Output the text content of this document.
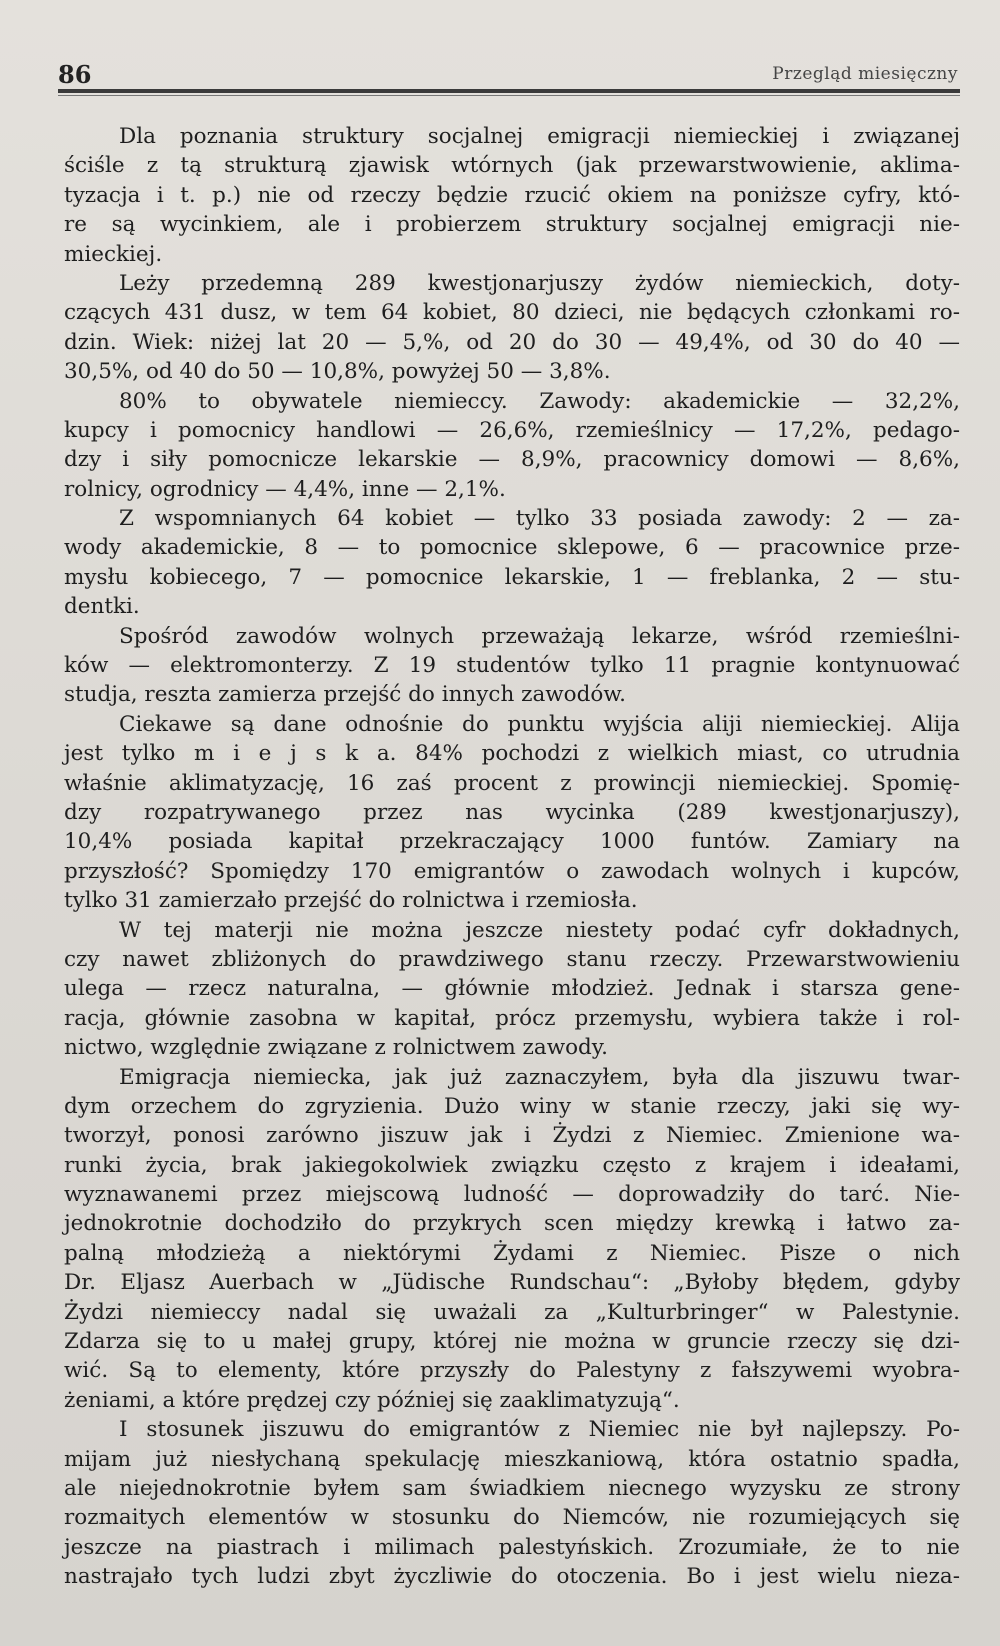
86	Przegląd miesięczny
Dla poznania struktury socjalnej emigracji niemieckiej i związanej
ściśle z tą strukturą zjawisk wtórnych (jak przewarstwowienie, aklima-
tyzacja i t. p.) nie od rzeczy będzie rzucić okiem na poniższe cyfry, któ-
re są wycinkiem, ale i probierzem struktury socjalnej emigracji nie-
mieckiej.
Leży przedemną 289 kwestjonarjuszy żydów niemieckich, doty-
czących 431 dusz, w tem 64 kobiet, 80 dzieci, nie będących członkami ro-
dzin. Wiek: niżej lat 20 — 5,%, od 20 do 30 — 49,4%, od 30 do 40 —
30,5%, od 40 do 50 — 10,8%, powyżej 50 — 3,8%.
80% to obywatele niemieccy. Zawody: akademickie — 32,2%,
kupcy i pomocnicy handlowi — 26,6%, rzemieślnicy — 17,2%, pedago-
dzy i siły pomocnicze lekarskie — 8,9%, pracownicy domowi — 8,6%,
rolnicy, ogrodnicy — 4,4%, inne — 2,1%.
Z wspomnianych 64 kobiet — tylko 33 posiada zawody: 2 — za-
wody akademickie, 8 — to pomocnice sklepowe, 6 — pracownice prze-
mysłu kobiecego, 7 — pomocnice lekarskie, 1 — freblanka, 2 — stu-
dentki.
Spośród zawodów wolnych przeważają lekarze, wśród rzemieślni-
ków — elektromonterzy. Z 19 studentów tylko 11 pragnie kontynuować
studja, reszta zamierza przejść do innych zawodów.
Ciekawe są dane odnośnie do punktu wyjścia aliji niemieckiej. Alija
jest tylko m i e j s k a. 84% pochodzi z wielkich miast, co utrudnia
właśnie aklimatyzację, 16 zaś procent z prowincji niemieckiej. Spomię-
dzy rozpatrywanego przez nas wycinka (289 kwestjonarjuszy),
10,4% posiada kapitał przekraczający 1000 funtów. Zamiary na
przyszłość? Spomiędzy 170 emigrantów o zawodach wolnych i kupców,
tylko 31 zamierzało przejść do rolnictwa i rzemiosła.
W tej materji nie można jeszcze niestety podać cyfr dokładnych,
czy nawet zbliżonych do prawdziwego stanu rzeczy. Przewarstwowieniu
ulega — rzecz naturalna, — głównie młodzież. Jednak i starsza gene-
racja, głównie zasobna w kapitał, prócz przemysłu, wybiera także i rol-
nictwo, względnie związane z rolnictwem zawody.
Emigracja niemiecka, jak już zaznaczyłem, była dla jiszuwu twar-
dym orzechem do zgryzienia. Dużo winy w stanie rzeczy, jaki się wy-
tworzył, ponosi zarówno jiszuw jak i Żydzi z Niemiec. Zmienione wa-
runki życia, brak jakiegokolwiek związku często z krajem i ideałami,
wyznawanemi przez miejscową ludność — doprowadziły do tarć. Nie-
jednokrotnie dochodziło do przykrych scen między krewką i łatwo za-
palną młodzieżą a niektórymi Żydami z Niemiec. Pisze o nich
Dr. Eljasz Auerbach w „Jüdische Rundschau“: „Byłoby błędem, gdyby
Żydzi niemieccy nadal się uważali za „Kulturbringer“ w Palestynie.
Zdarza się to u małej grupy, której nie można w gruncie rzeczy się dzi-
wić. Są to elementy, które przyszły do Palestyny z fałszywemi wyobra-
żeniami, a które prędzej czy później się zaaklimatyzują“.
I stosunek jiszuwu do emigrantów z Niemiec nie był najlepszy. Po-
mijam już niesłychaną spekulację mieszkaniową, która ostatnio spadła,
ale niejednokrotnie byłem sam świadkiem niecnego wyzysku ze strony
rozmaitych elementów w stosunku do Niemców, nie rozumiejących się
jeszcze na piastrach i milimach palestyńskich. Zrozumiałe, że to nie
nastrajało tych ludzi zbyt życzliwie do otoczenia. Bo i jest wielu nieza-
